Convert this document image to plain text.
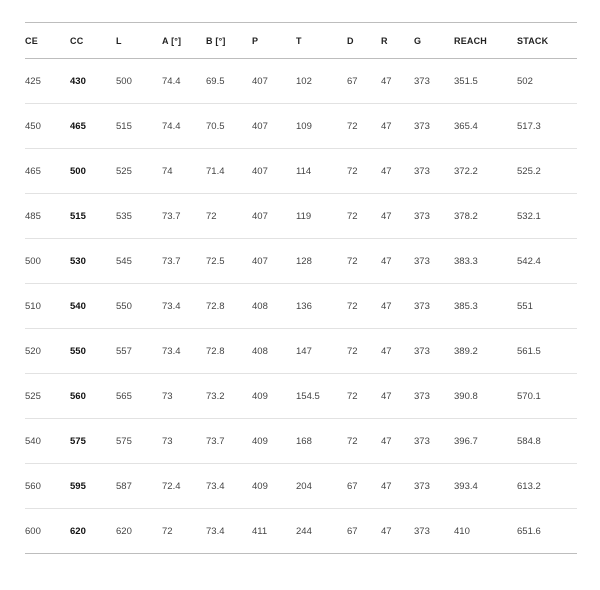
CE	CC	L	A [°]	B [°]	P	T	D	R	G	REACH	STACK
425	430	500	74.4	69.5	407	102	67	47	373	351.5	502
450	465	515	74.4	70.5	407	109	72	47	373	365.4	517.3
465	500	525	74	71.4	407	114	72	47	373	372.2	525.2
485	515	535	73.7	72	407	119	72	47	373	378.2	532.1
500	530	545	73.7	72.5	407	128	72	47	373	383.3	542.4
510	540	550	73.4	72.8	408	136	72	47	373	385.3	551
520	550	557	73.4	72.8	408	147	72	47	373	389.2	561.5
525	560	565	73	73.2	409	154.5	72	47	373	390.8	570.1
540	575	575	73	73.7	409	168	72	47	373	396.7	584.8
560	595	587	72.4	73.4	409	204	67	47	373	393.4	613.2
600	620	620	72	73.4	411	244	67	47	373	410	651.6
